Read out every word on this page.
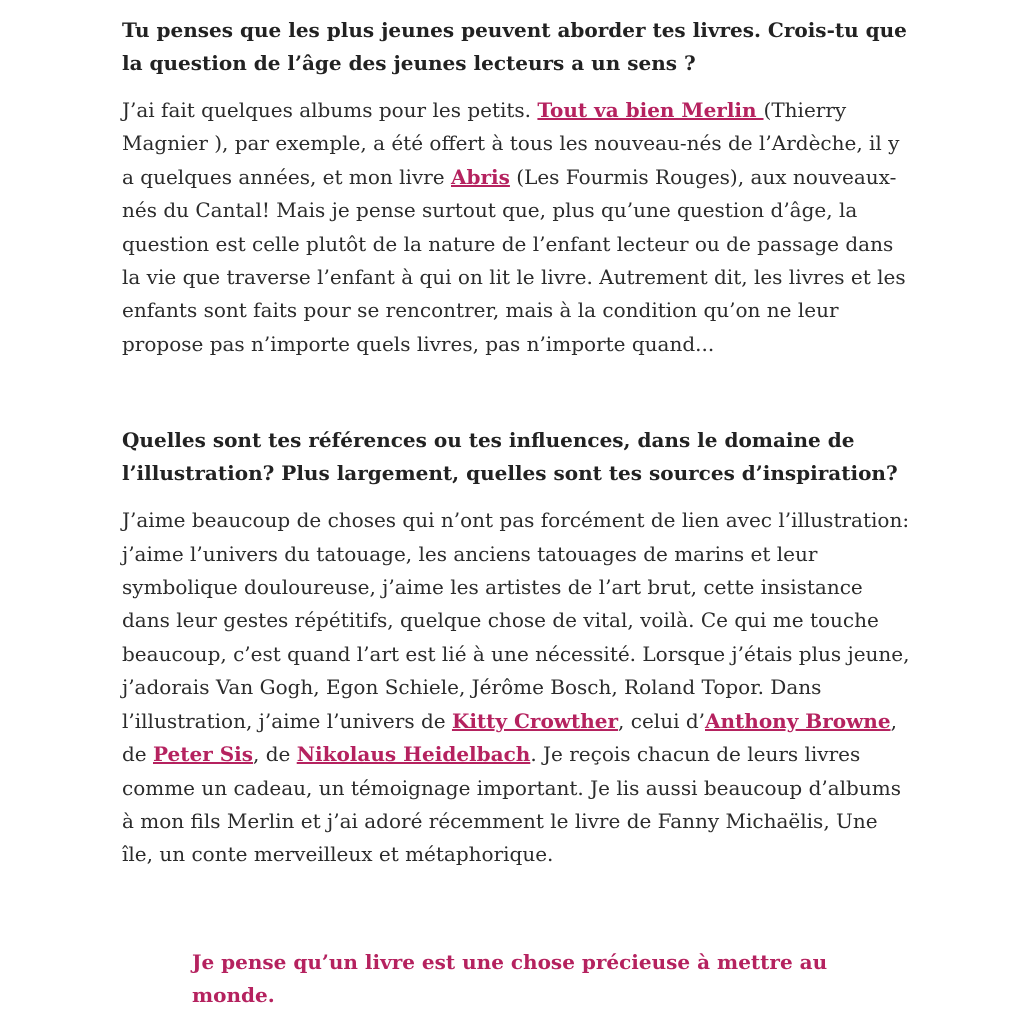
Tu penses que les plus jeunes peuvent aborder tes livres. Crois-tu que la question de l’âge des jeunes lecteurs a un sens ?

J’ai fait quelques albums pour les petits. Tout va bien Merlin (Thierry Magnier ), par exemple, a été offert à tous les nouveau-nés de l’Ardèche, il y a quelques années, et mon livre Abris (Les Fourmis Rouges), aux nouveaux-nés du Cantal! Mais je pense surtout que, plus qu’une question d’âge, la question est celle plutôt de la nature de l’enfant lecteur ou de passage dans la vie que traverse l’enfant à qui on lit le livre. Autrement dit, les livres et les enfants sont faits pour se rencontrer, mais à la condition qu’on ne leur propose pas n’importe quels livres, pas n’importe quand...

Quelles sont tes références ou tes influences, dans le domaine de l’illustration? Plus largement, quelles sont tes sources d’inspiration?

J’aime beaucoup de choses qui n’ont pas forcément de lien avec l’illustration: j’aime l’univers du tatouage, les anciens tatouages de marins et leur symbolique douloureuse, j’aime les artistes de l’art brut, cette insistance dans leur gestes répétitifs, quelque chose de vital, voilà. Ce qui me touche beaucoup, c’est quand l’art est lié à une nécessité. Lorsque j’étais plus jeune, j’adorais Van Gogh, Egon Schiele, Jérôme Bosch, Roland Topor. Dans l’illustration, j’aime l’univers de Kitty Crowther, celui d’Anthony Browne, de Peter Sis, de Nikolaus Heidelbach. Je reçois chacun de leurs livres comme un cadeau, un témoignage important. Je lis aussi beaucoup d’albums à mon fils Merlin et j’ai adoré récemment le livre de Fanny Michaëlis, Une île, un conte merveilleux et métaphorique.

Je pense qu’un livre est une chose précieuse à mettre au monde.
